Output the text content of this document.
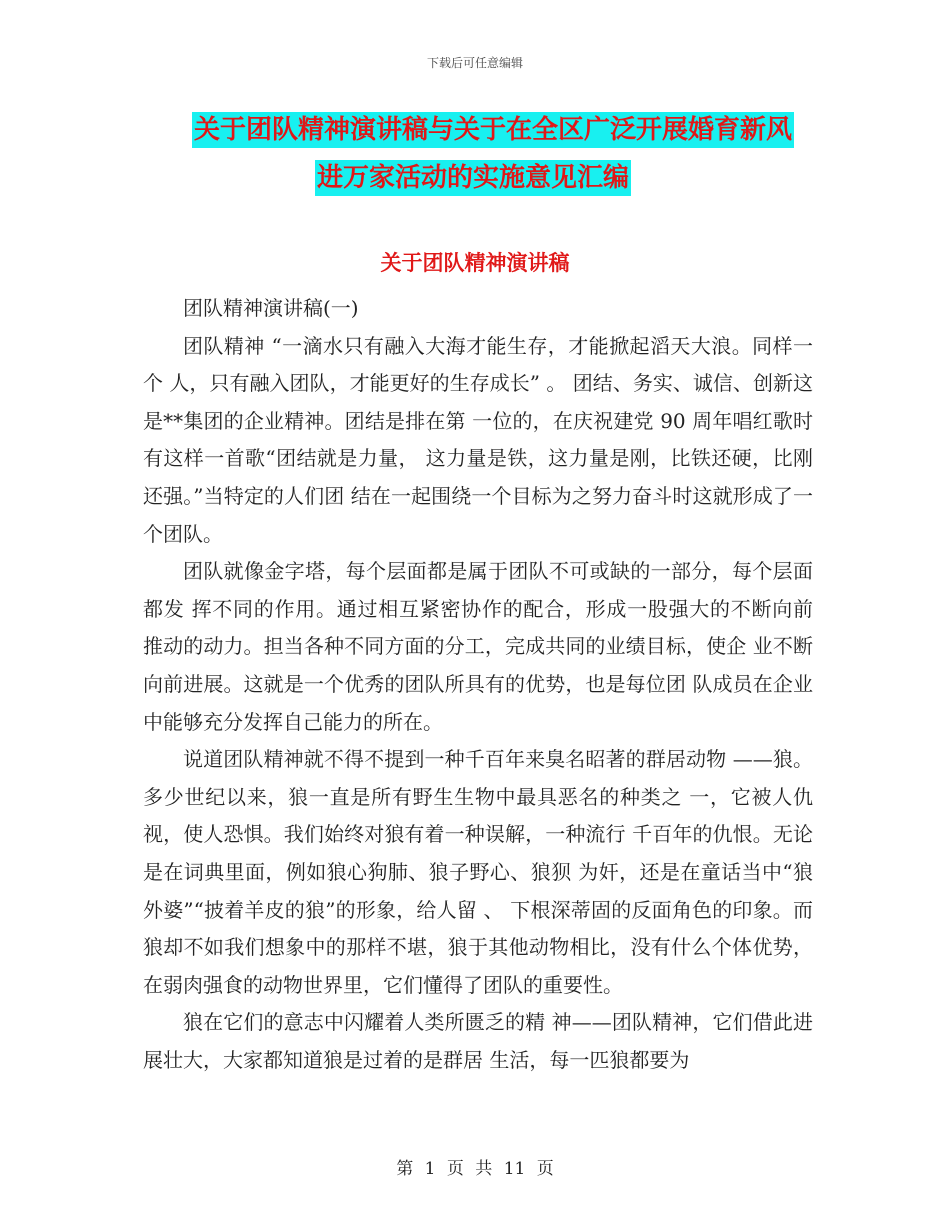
下载后可任意编辑
关于团队精神演讲稿与关于在全区广泛开展婚育新风
进万家活动的实施意见汇编
关于团队精神演讲稿

团队精神演讲稿(一)

团队精神 “一滴水只有融入大海才能生存，才能掀起滔天大浪。同样一个 人，只有融入团队，才能更好的生存成长” 。 团结、务实、诚信、创新这是**集团的企业精神。团结是排在第 一位的，在庆祝建党 90 周年唱红歌时有这样一首歌“团结就是力量， 这力量是铁，这力量是刚，比铁还硬，比刚还强。”当特定的人们团 结在一起围绕一个目标为之努力奋斗时这就形成了一个团队。

团队就像金字塔，每个层面都是属于团队不可或缺的一部分，每个层面都发 挥不同的作用。通过相互紧密协作的配合，形成一股强大的不断向前 推动的动力。担当各种不同方面的分工，完成共同的业绩目标，使企 业不断向前进展。这就是一个优秀的团队所具有的优势，也是每位团 队成员在企业中能够充分发挥自己能力的所在。

说道团队精神就不得不提到一种千百年来臭名昭著的群居动物 ——狼。多少世纪以来，狼一直是所有野生生物中最具恶名的种类之 一，它被人仇视，使人恐惧。我们始终对狼有着一种误解，一种流行 千百年的仇恨。无论是在词典里面，例如狼心狗肺、狼子野心、狼狈 为奸，还是在童话当中“狼外婆”“披着羊皮的狼”的形象，给人留 、 下根深蒂固的反面角色的印象。而狼却不如我们想象中的那样不堪，狼于其他动物相比，没有什么个体优势，在弱肉强食的动物世界里，它们懂得了团队的重要性。

狼在它们的意志中闪耀着人类所匮乏的精 神——团队精神，它们借此进展壮大，大家都知道狼是过着的是群居 生活，每一匹狼都要为

第 1 页 共 11 页
